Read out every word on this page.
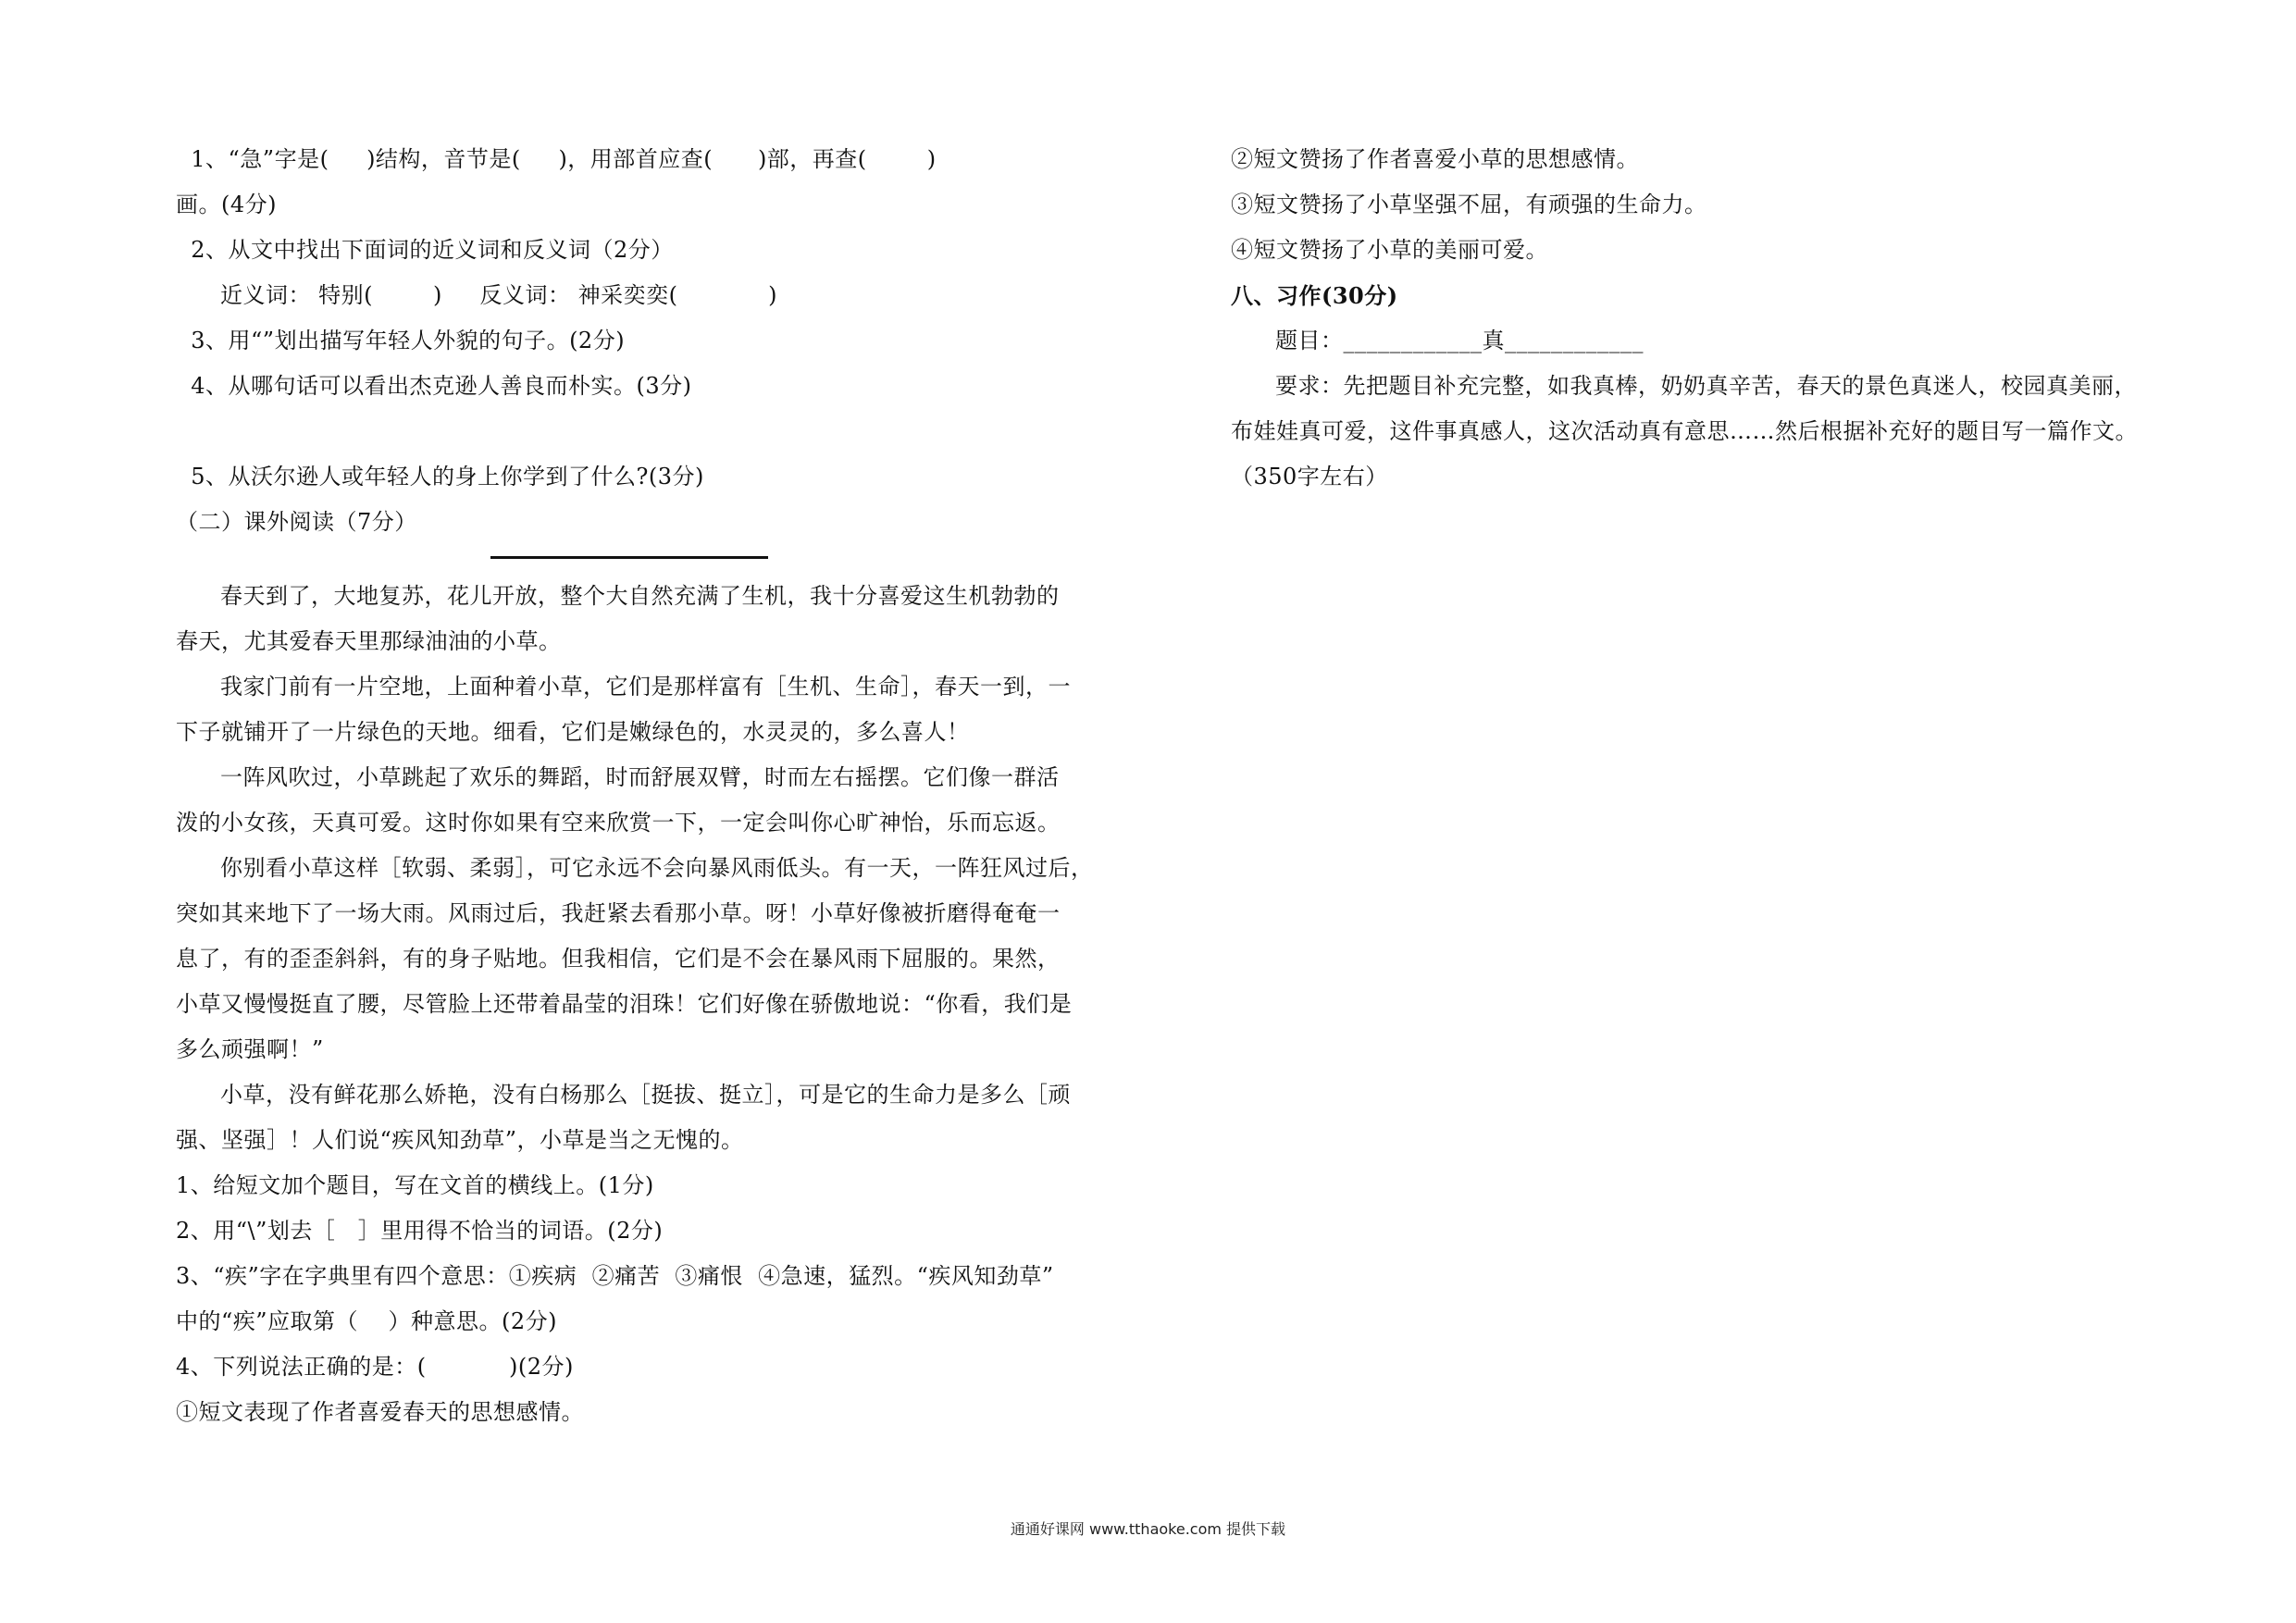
1、“急”字是(     )结构，音节是(     )，用部首应查(      )部，再查(        )
画。(4分)
2、从文中找出下面词的近义词和反义词（2分）
近义词： 特别(        )     反义词： 神采奕奕(            )
3、用“”划出描写年轻人外貌的句子。(2分)
4、从哪句话可以看出杰克逊人善良而朴实。(3分)
5、从沃尔逊人或年轻人的身上你学到了什么?(3分)
（二）课外阅读（7分）
春天到了，大地复苏，花儿开放，整个大自然充满了生机，我十分喜爱这生机勃勃的
春天，尤其爱春天里那绿油油的小草。
我家门前有一片空地，上面种着小草，它们是那样富有［生机、生命］，春天一到，一
下子就铺开了一片绿色的天地。细看，它们是嫩绿色的，水灵灵的，多么喜人！
一阵风吹过，小草跳起了欢乐的舞蹈，时而舒展双臂，时而左右摇摆。它们像一群活
泼的小女孩，天真可爱。这时你如果有空来欣赏一下，一定会叫你心旷神怡，乐而忘返。
你别看小草这样［软弱、柔弱］，可它永远不会向暴风雨低头。有一天，一阵狂风过后，
突如其来地下了一场大雨。风雨过后，我赶紧去看那小草。呀！小草好像被折磨得奄奄一
息了，有的歪歪斜斜，有的身子贴地。但我相信，它们是不会在暴风雨下屈服的。果然，
小草又慢慢挺直了腰，尽管脸上还带着晶莹的泪珠！它们好像在骄傲地说：“你看，我们是
多么顽强啊！”
小草，没有鲜花那么娇艳，没有白杨那么［挺拔、挺立］，可是它的生命力是多么［顽
强、坚强］！人们说“疾风知劲草”，小草是当之无愧的。
1、给短文加个题目，写在文首的横线上。(1分)
2、用“\”划去［   ］里用得不恰当的词语。(2分)
3、“疾”字在字典里有四个意思：①疾病  ②痛苦  ③痛恨  ④急速，猛烈。“疾风知劲草”
中的“疾”应取第（    ）种意思。(2分)
4、下列说法正确的是：(           )(2分)
①短文表现了作者喜爱春天的思想感情。
②短文赞扬了作者喜爱小草的思想感情。
③短文赞扬了小草坚强不屈，有顽强的生命力。
④短文赞扬了小草的美丽可爱。
八、习作(30分)
题目：____________真____________
要求：先把题目补充完整，如我真棒，奶奶真辛苦，春天的景色真迷人，校园真美丽，
布娃娃真可爱，这件事真感人，这次活动真有意思……然后根据补充好的题目写一篇作文。
（350字左右）
通通好课网 www.tthaoke.com 提供下载
